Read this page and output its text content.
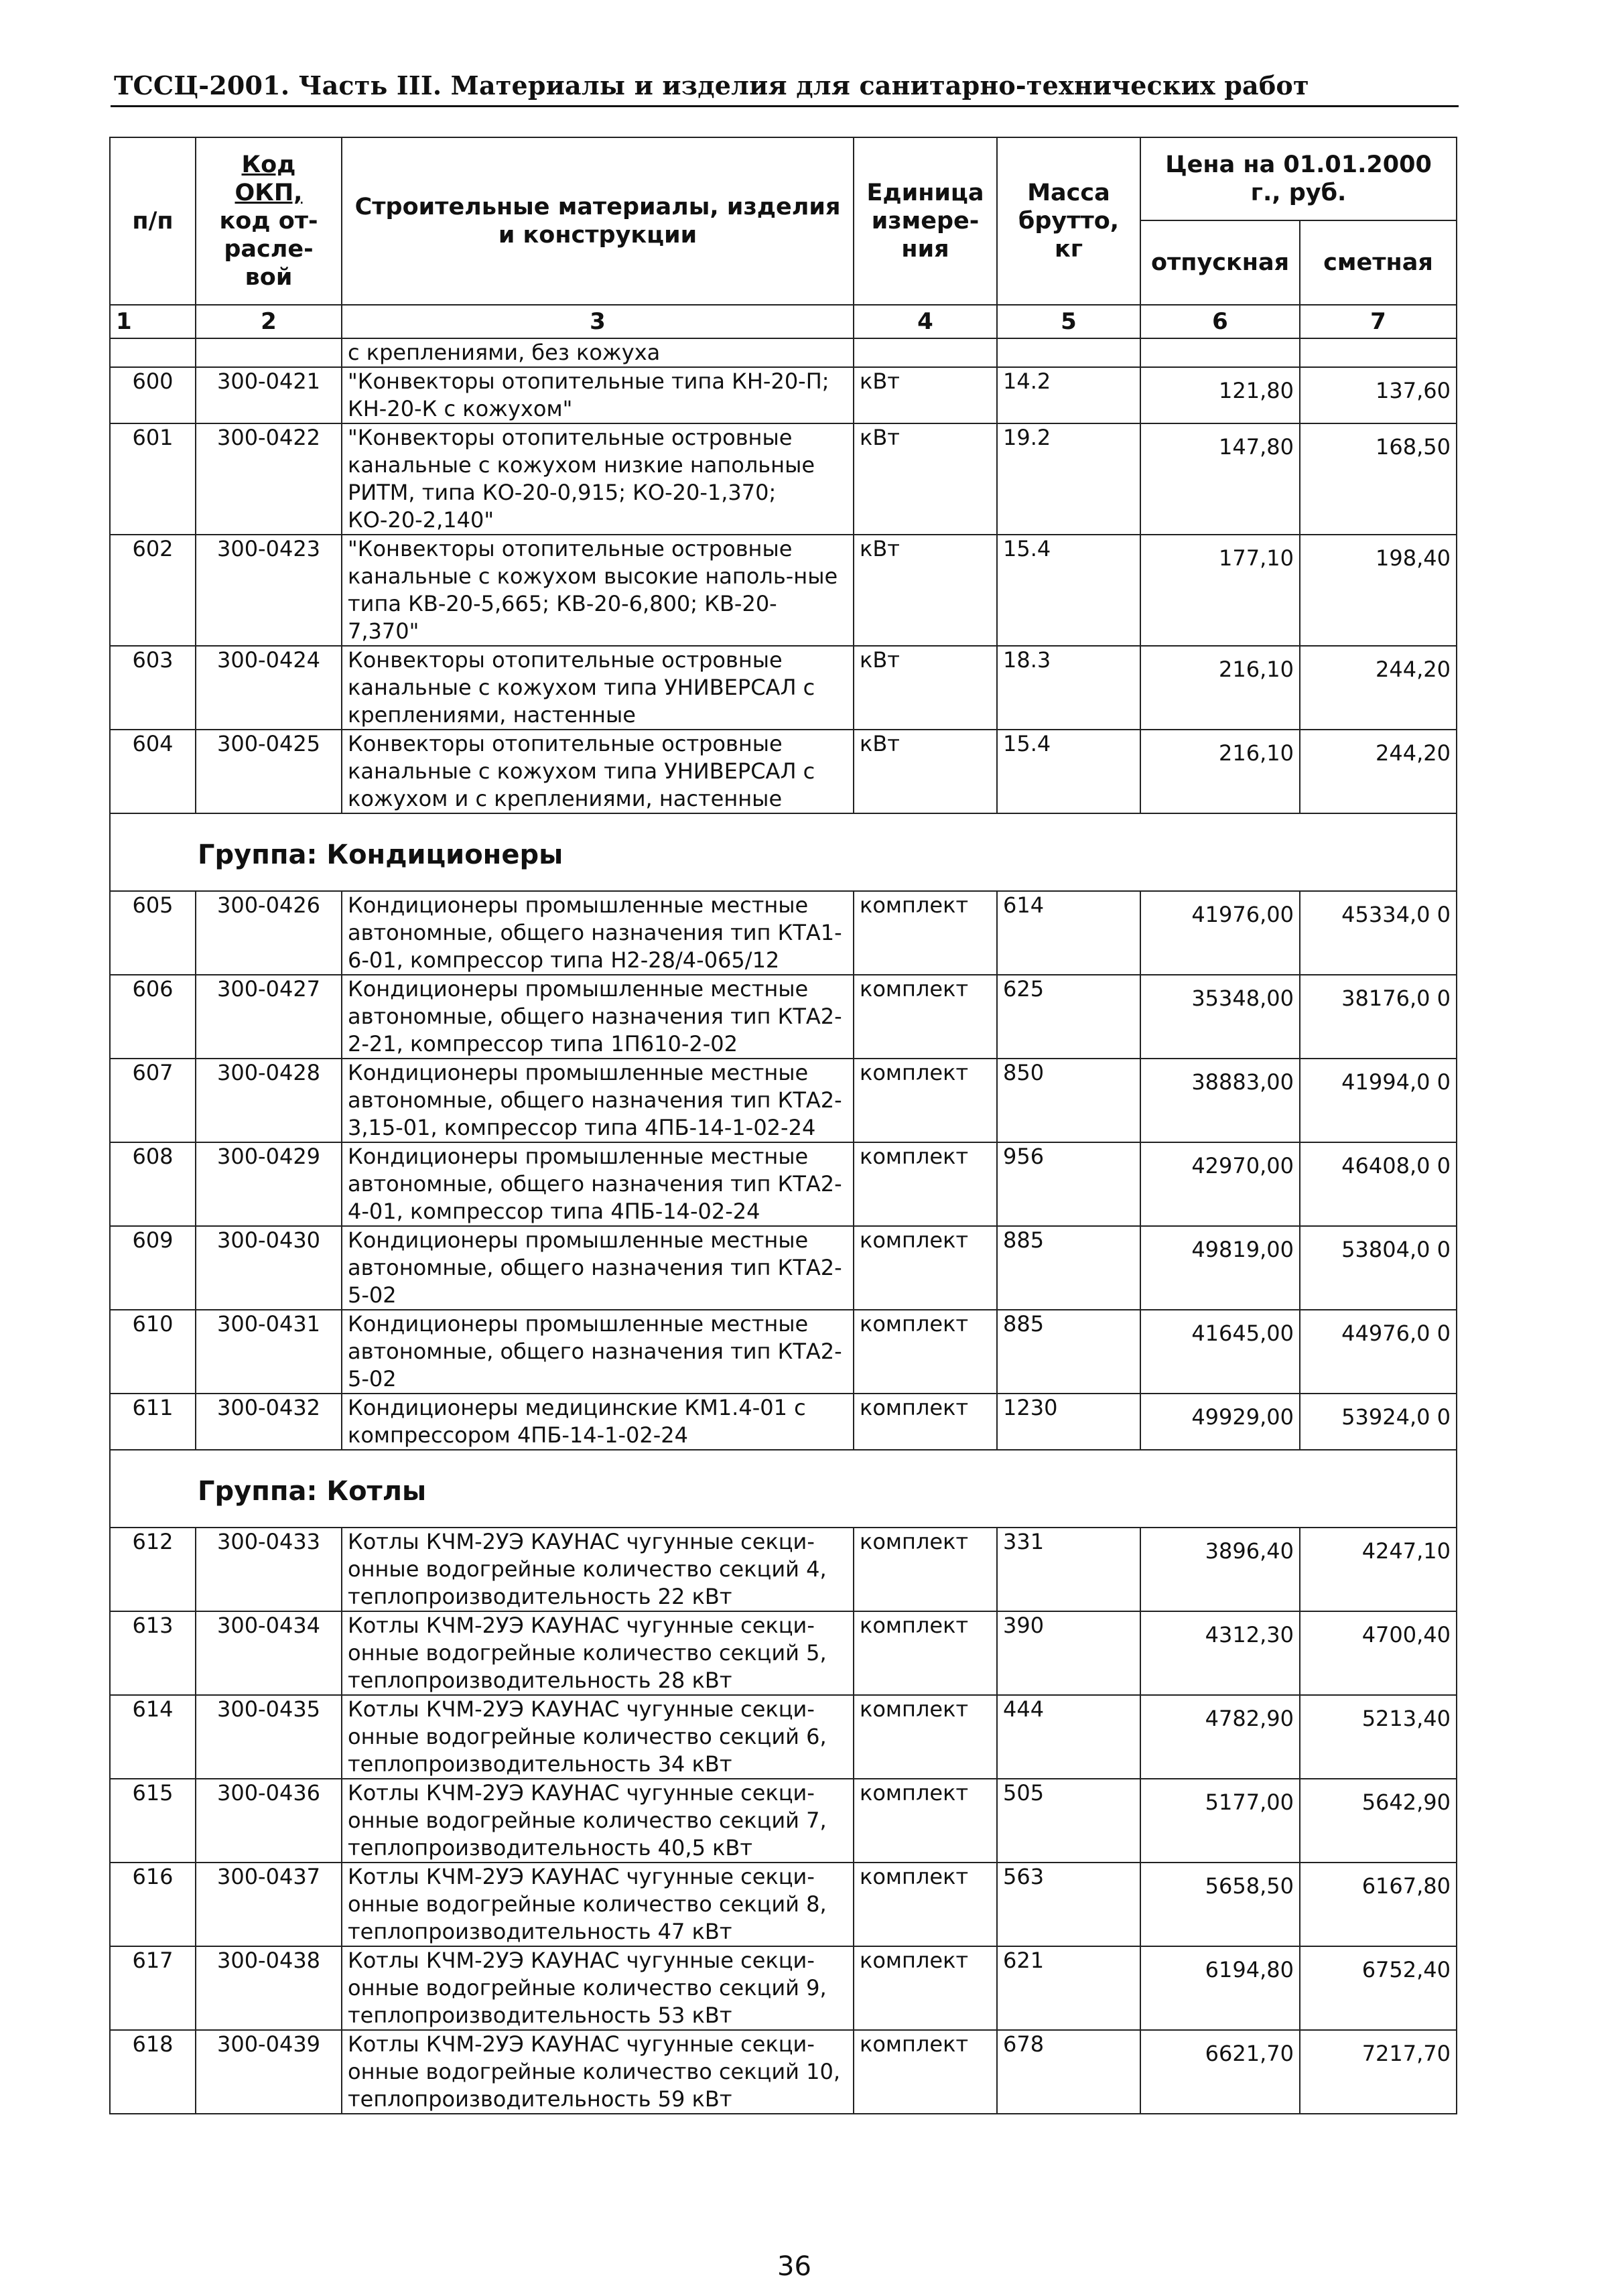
ТССЦ-2001. Часть III. Материалы и изделия для санитарно-технических работ
п/п	Код
ОКП,
код от-расле-вой	Строительные материалы, изделия и конструкции	Единица измере-ния	Масса брутто, кг	Цена на 01.01.2000 г., руб.	
					отпускная	сметная
1	2	3	4	5	6	7
		с креплениями, без кожуха				
600	300-0421	"Конвекторы отопительные типа КН-20-П; КН-20-К с кожухом"	кВт	14.2	121,80	137,60
601	300-0422	"Конвекторы отопительные островные канальные с кожухом низкие напольные РИТМ, типа КО-20-0,915; КО-20-1,370; КО-20-2,140"	кВт	19.2	147,80	168,50
602	300-0423	"Конвекторы отопительные островные канальные с кожухом высокие наполь-ные типа КВ-20-5,665; КВ-20-6,800; КВ-20-7,370"	кВт	15.4	177,10	198,40
603	300-0424	Конвекторы отопительные островные канальные с кожухом типа УНИВЕРСАЛ с креплениями, настенные	кВт	18.3	216,10	244,20
604	300-0425	Конвекторы отопительные островные канальные с кожухом типа УНИВЕРСАЛ с кожухом и с креплениями, настенные	кВт	15.4	216,10	244,20

Группа: Кондиционеры						

605	300-0426	Кондиционеры промышленные местные автономные, общего назначения тип КТА1-6-01, компрессор типа Н2-28/4-065/12	комплект	614	41976,00	45334,0 0
606	300-0427	Кондиционеры промышленные местные автономные, общего назначения тип КТА2-2-21, компрессор типа 1П610-2-02	комплект	625	35348,00	38176,0 0
607	300-0428	Кондиционеры промышленные местные автономные, общего назначения тип КТА2-3,15-01, компрессор типа 4ПБ-14-1-02-24	комплект	850	38883,00	41994,0 0
608	300-0429	Кондиционеры промышленные местные автономные, общего назначения тип КТА2-4-01, компрессор типа 4ПБ-14-02-24	комплект	956	42970,00	46408,0 0
609	300-0430	Кондиционеры промышленные местные автономные, общего назначения тип КТА2-5-02	комплект	885	49819,00	53804,0 0
610	300-0431	Кондиционеры промышленные местные автономные, общего назначения тип КТА2-5-02	комплект	885	41645,00	44976,0 0
611	300-0432	Кондиционеры медицинские КМ1.4-01 с компрессором 4ПБ-14-1-02-24	комплект	1230	49929,00	53924,0 0

Группа: Котлы						

612	300-0433	Котлы КЧМ-2УЭ КАУНАС чугунные секци-онные водогрейные количество секций 4, теплопроизводительность 22 кВт	комплект	331	3896,40	4247,10
613	300-0434	Котлы КЧМ-2УЭ КАУНАС чугунные секци-онные водогрейные количество секций 5, теплопроизводительность 28 кВт	комплект	390	4312,30	4700,40
614	300-0435	Котлы КЧМ-2УЭ КАУНАС чугунные секци-онные водогрейные количество секций 6, теплопроизводительность 34 кВт	комплект	444	4782,90	5213,40
615	300-0436	Котлы КЧМ-2УЭ КАУНАС чугунные секци-онные водогрейные количество секций 7, теплопроизводительность 40,5 кВт	комплект	505	5177,00	5642,90
616	300-0437	Котлы КЧМ-2УЭ КАУНАС чугунные секци-онные водогрейные количество секций 8, теплопроизводительность 47 кВт	комплект	563	5658,50	6167,80
617	300-0438	Котлы КЧМ-2УЭ КАУНАС чугунные секци-онные водогрейные количество секций 9, теплопроизводительность 53 кВт	комплект	621	6194,80	6752,40
618	300-0439	Котлы КЧМ-2УЭ КАУНАС чугунные секци-онные водогрейные количество секций 10, теплопроизводительность 59 кВт	комплект	678	6621,70	7217,70
36
